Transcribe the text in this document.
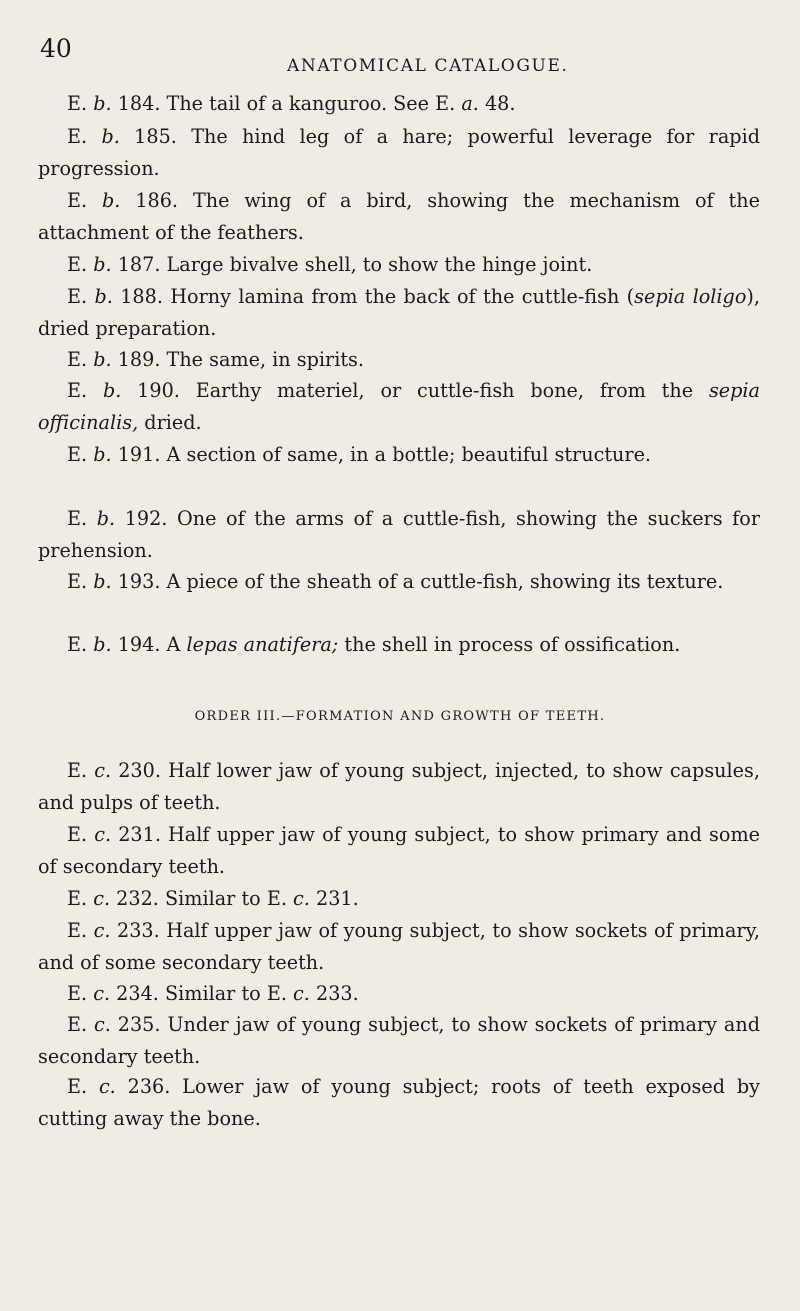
40
ANATOMICAL CATALOGUE.

E. b. 184. The tail of a kanguroo. See E. a. 48.

E. b. 185. The hind leg of a hare; powerful leverage for rapid progression.

E. b. 186. The wing of a bird, showing the mechanism of the attachment of the feathers.

E. b. 187. Large bivalve shell, to show the hinge joint.

E. b. 188. Horny lamina from the back of the cuttle-fish (sepia loligo), dried preparation.

E. b. 189. The same, in spirits.

E. b. 190. Earthy materiel, or cuttle-fish bone, from the sepia officinalis, dried.

E. b. 191. A section of same, in a bottle; beautiful structure.

E. b. 192. One of the arms of a cuttle-fish, showing the suckers for prehension.

E. b. 193. A piece of the sheath of a cuttle-fish, showing its texture.

E. b. 194. A lepas anatifera; the shell in process of ossification.

ORDER III.—FORMATION AND GROWTH OF TEETH.

E. c. 230. Half lower jaw of young subject, injected, to show capsules, and pulps of teeth.

E. c. 231. Half upper jaw of young subject, to show primary and some of secondary teeth.

E. c. 232. Similar to E. c. 231.

E. c. 233. Half upper jaw of young subject, to show sockets of primary, and of some secondary teeth.

E. c. 234. Similar to E. c. 233.

E. c. 235. Under jaw of young subject, to show sockets of primary and secondary teeth.

E. c. 236. Lower jaw of young subject; roots of teeth exposed by cutting away the bone.
